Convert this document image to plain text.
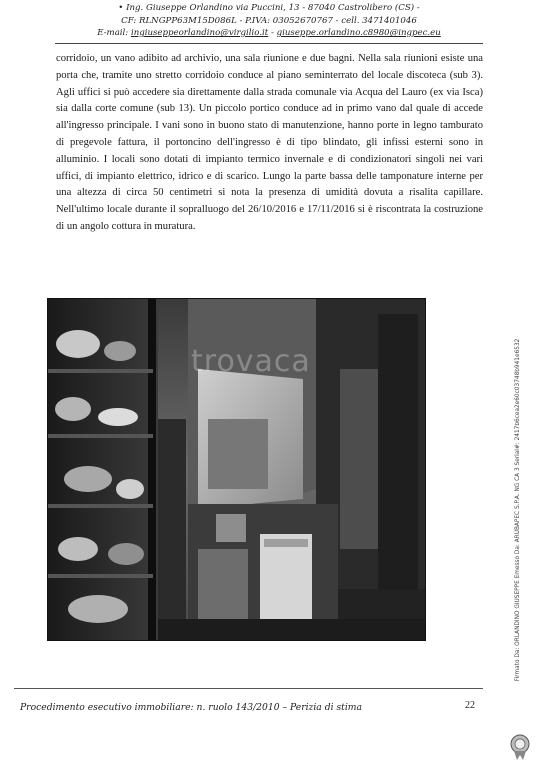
• Ing. Giuseppe Orlandino via Puccini, 13 - 87040 Castrolibero (CS) -
CF: RLNGPP63M15D086L - P.IVA: 03052670767 - cell. 3471401046
E-mail: ingiuseppeorlandino@virgilio.it - giuseppe.orlandino.c8980@ingpec.eu

corridoio, un vano adibito ad archivio, una sala riunione e due bagni. Nella sala riunioni esiste una porta che, tramite uno stretto corridoio conduce al piano seminterrato del locale discoteca (sub 3). Agli uffici si può accedere sia direttamente dalla strada comunale via Acqua del Lauro (ex via Isca) sia dalla corte comune (sub 13). Un piccolo portico conduce ad in primo vano dal quale di accede all'ingresso principale. I vani sono in buono stato di manutenzione, hanno porte in legno tamburato di pregevole fattura, il portoncino dell'ingresso è di tipo blindato, gli infissi esterni sono in alluminio. I locali sono dotati di impianto termico invernale e di condizionatori singoli nei vari uffici, di impianto elettrico, idrico e di scarico. Lungo la parte bassa delle tamponature interne per una altezza di circa 50 centimetri si nota la presenza di umidità dovuta a risalita capillare. Nell'ultimo locale durante il sopralluogo del 26/10/2016 e 17/11/2016 si è riscontrata la costruzione di un angolo cottura in muratura.

trovaca
Procedimento esecutivo immobiliare: n. ruolo 143/2010 – Perizia di stima	22
Firmato Da: ORLANDINO GIUSEPPE Emesso Da: ARUBAPEC S.P.A. NG CA 3 Serial#: 2417b6cea2e60c03748b941e6532
